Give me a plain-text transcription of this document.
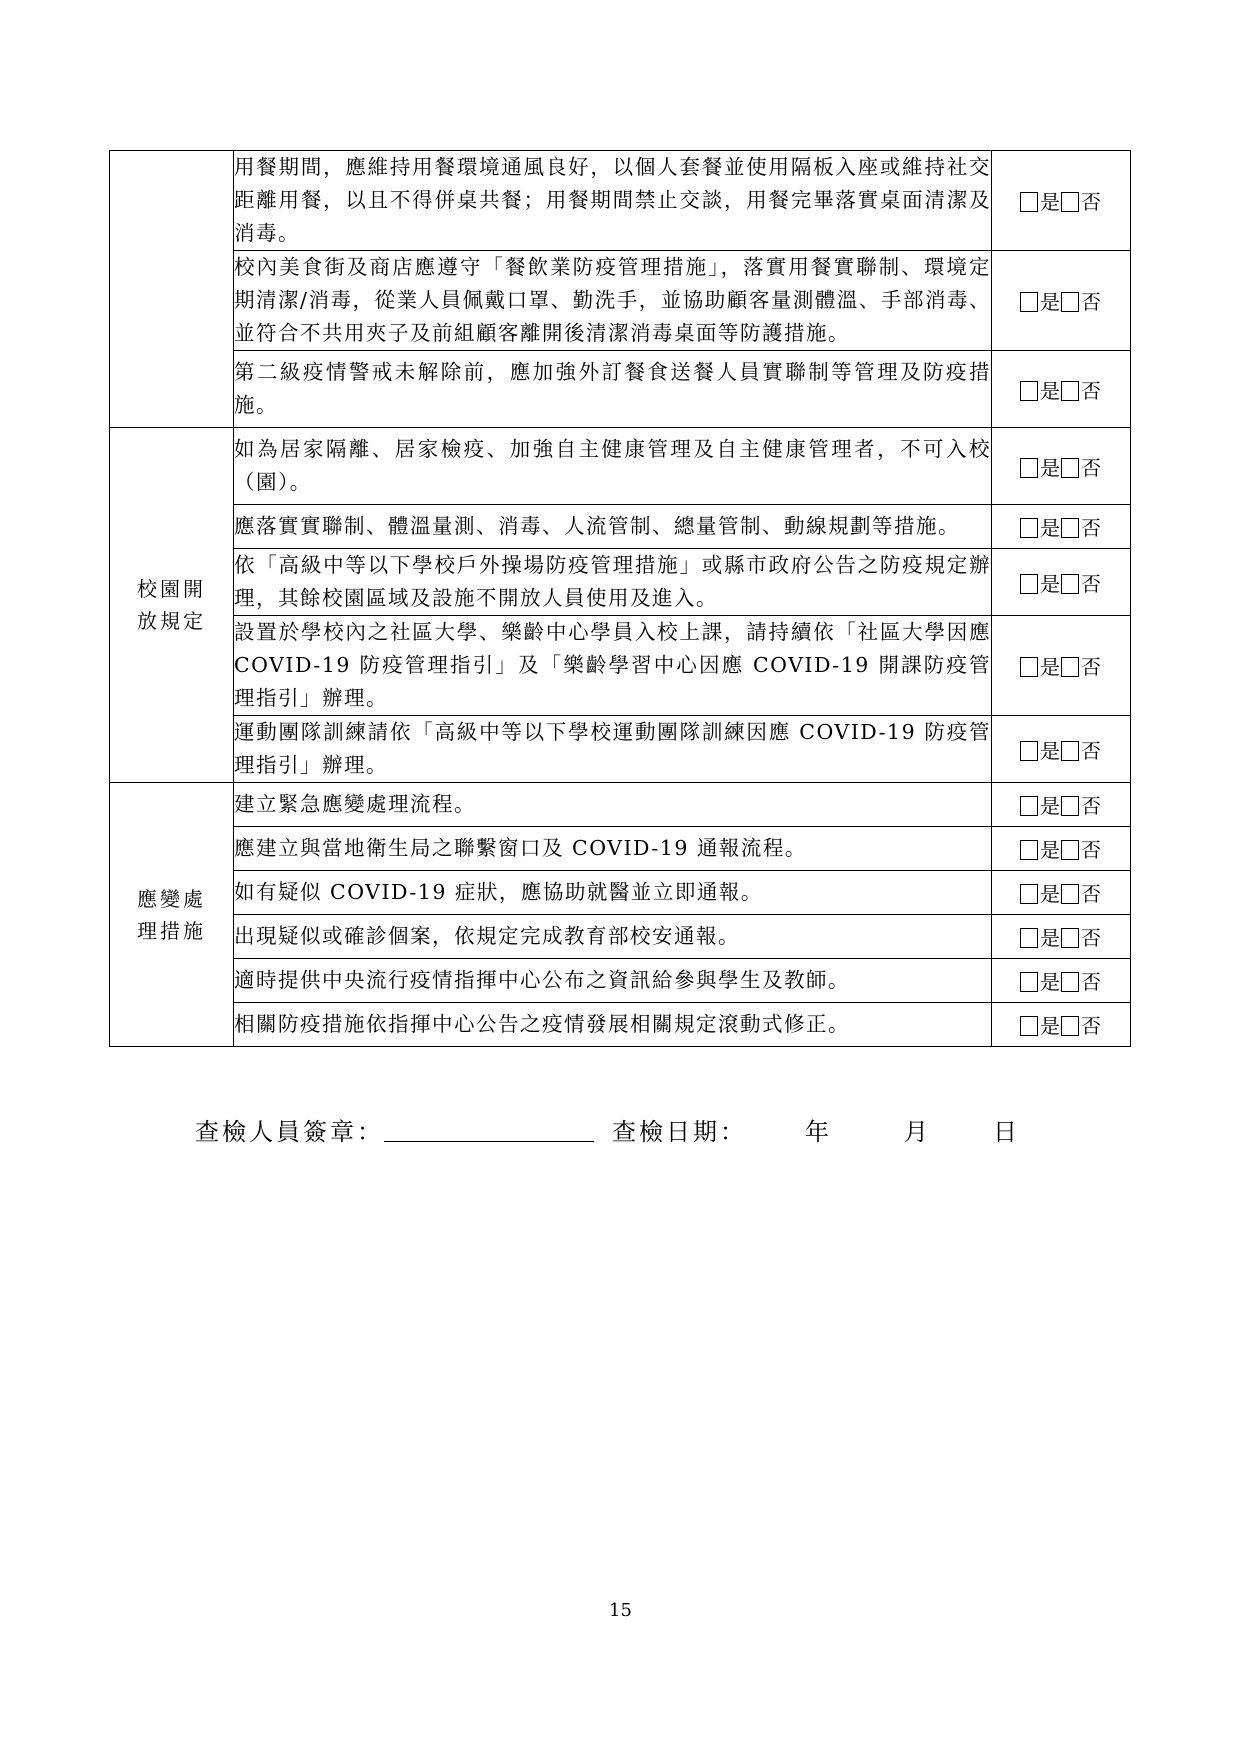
	用餐期間，應維持用餐環境通風良好，以個人套餐並使用隔板入座或維持社交距離用餐，以且不得併桌共餐；用餐期間禁止交談，用餐完畢落實桌面清潔及消毒。	是 否
	校內美食街及商店應遵守「餐飲業防疫管理措施」，落實用餐實聯制、環境定期清潔/消毒，從業人員佩戴口罩、勤洗手，並協助顧客量測體溫、手部消毒、並符合不共用夾子及前組顧客離開後清潔消毒桌面等防護措施。	是 否
	第二級疫情警戒未解除前，應加強外訂餐食送餐人員實聯制等管理及防疫措施。	是 否
校園開放規定	如為居家隔離、居家檢疫、加強自主健康管理及自主健康管理者，不可入校（園）。	是 否
	應落實實聯制、體溫量測、消毒、人流管制、總量管制、動線規劃等措施。	是 否
	依「高級中等以下學校戶外操場防疫管理措施」或縣市政府公告之防疫規定辦理，其餘校園區域及設施不開放人員使用及進入。	是 否
	設置於學校內之社區大學、樂齡中心學員入校上課，請持續依「社區大學因應 COVID-19 防疫管理指引」及「樂齡學習中心因應 COVID-19 開課防疫管理指引」辦理。	是 否
	運動團隊訓練請依「高級中等以下學校運動團隊訓練因應 COVID-19 防疫管理指引」辦理。	是 否
應變處理措施	建立緊急應變處理流程。	是 否
	應建立與當地衛生局之聯繫窗口及 COVID-19 通報流程。	是 否
	如有疑似 COVID-19 症狀，應協助就醫並立即通報。	是 否
	出現疑似或確診個案，依規定完成教育部校安通報。	是 否
	適時提供中央流行疫情指揮中心公布之資訊給參與學生及教師。	是 否
	相關防疫措施依指揮中心公告之疫情發展相關規定滾動式修正。	是 否
查檢人員簽章：	查檢日期： 年	月	日
15
